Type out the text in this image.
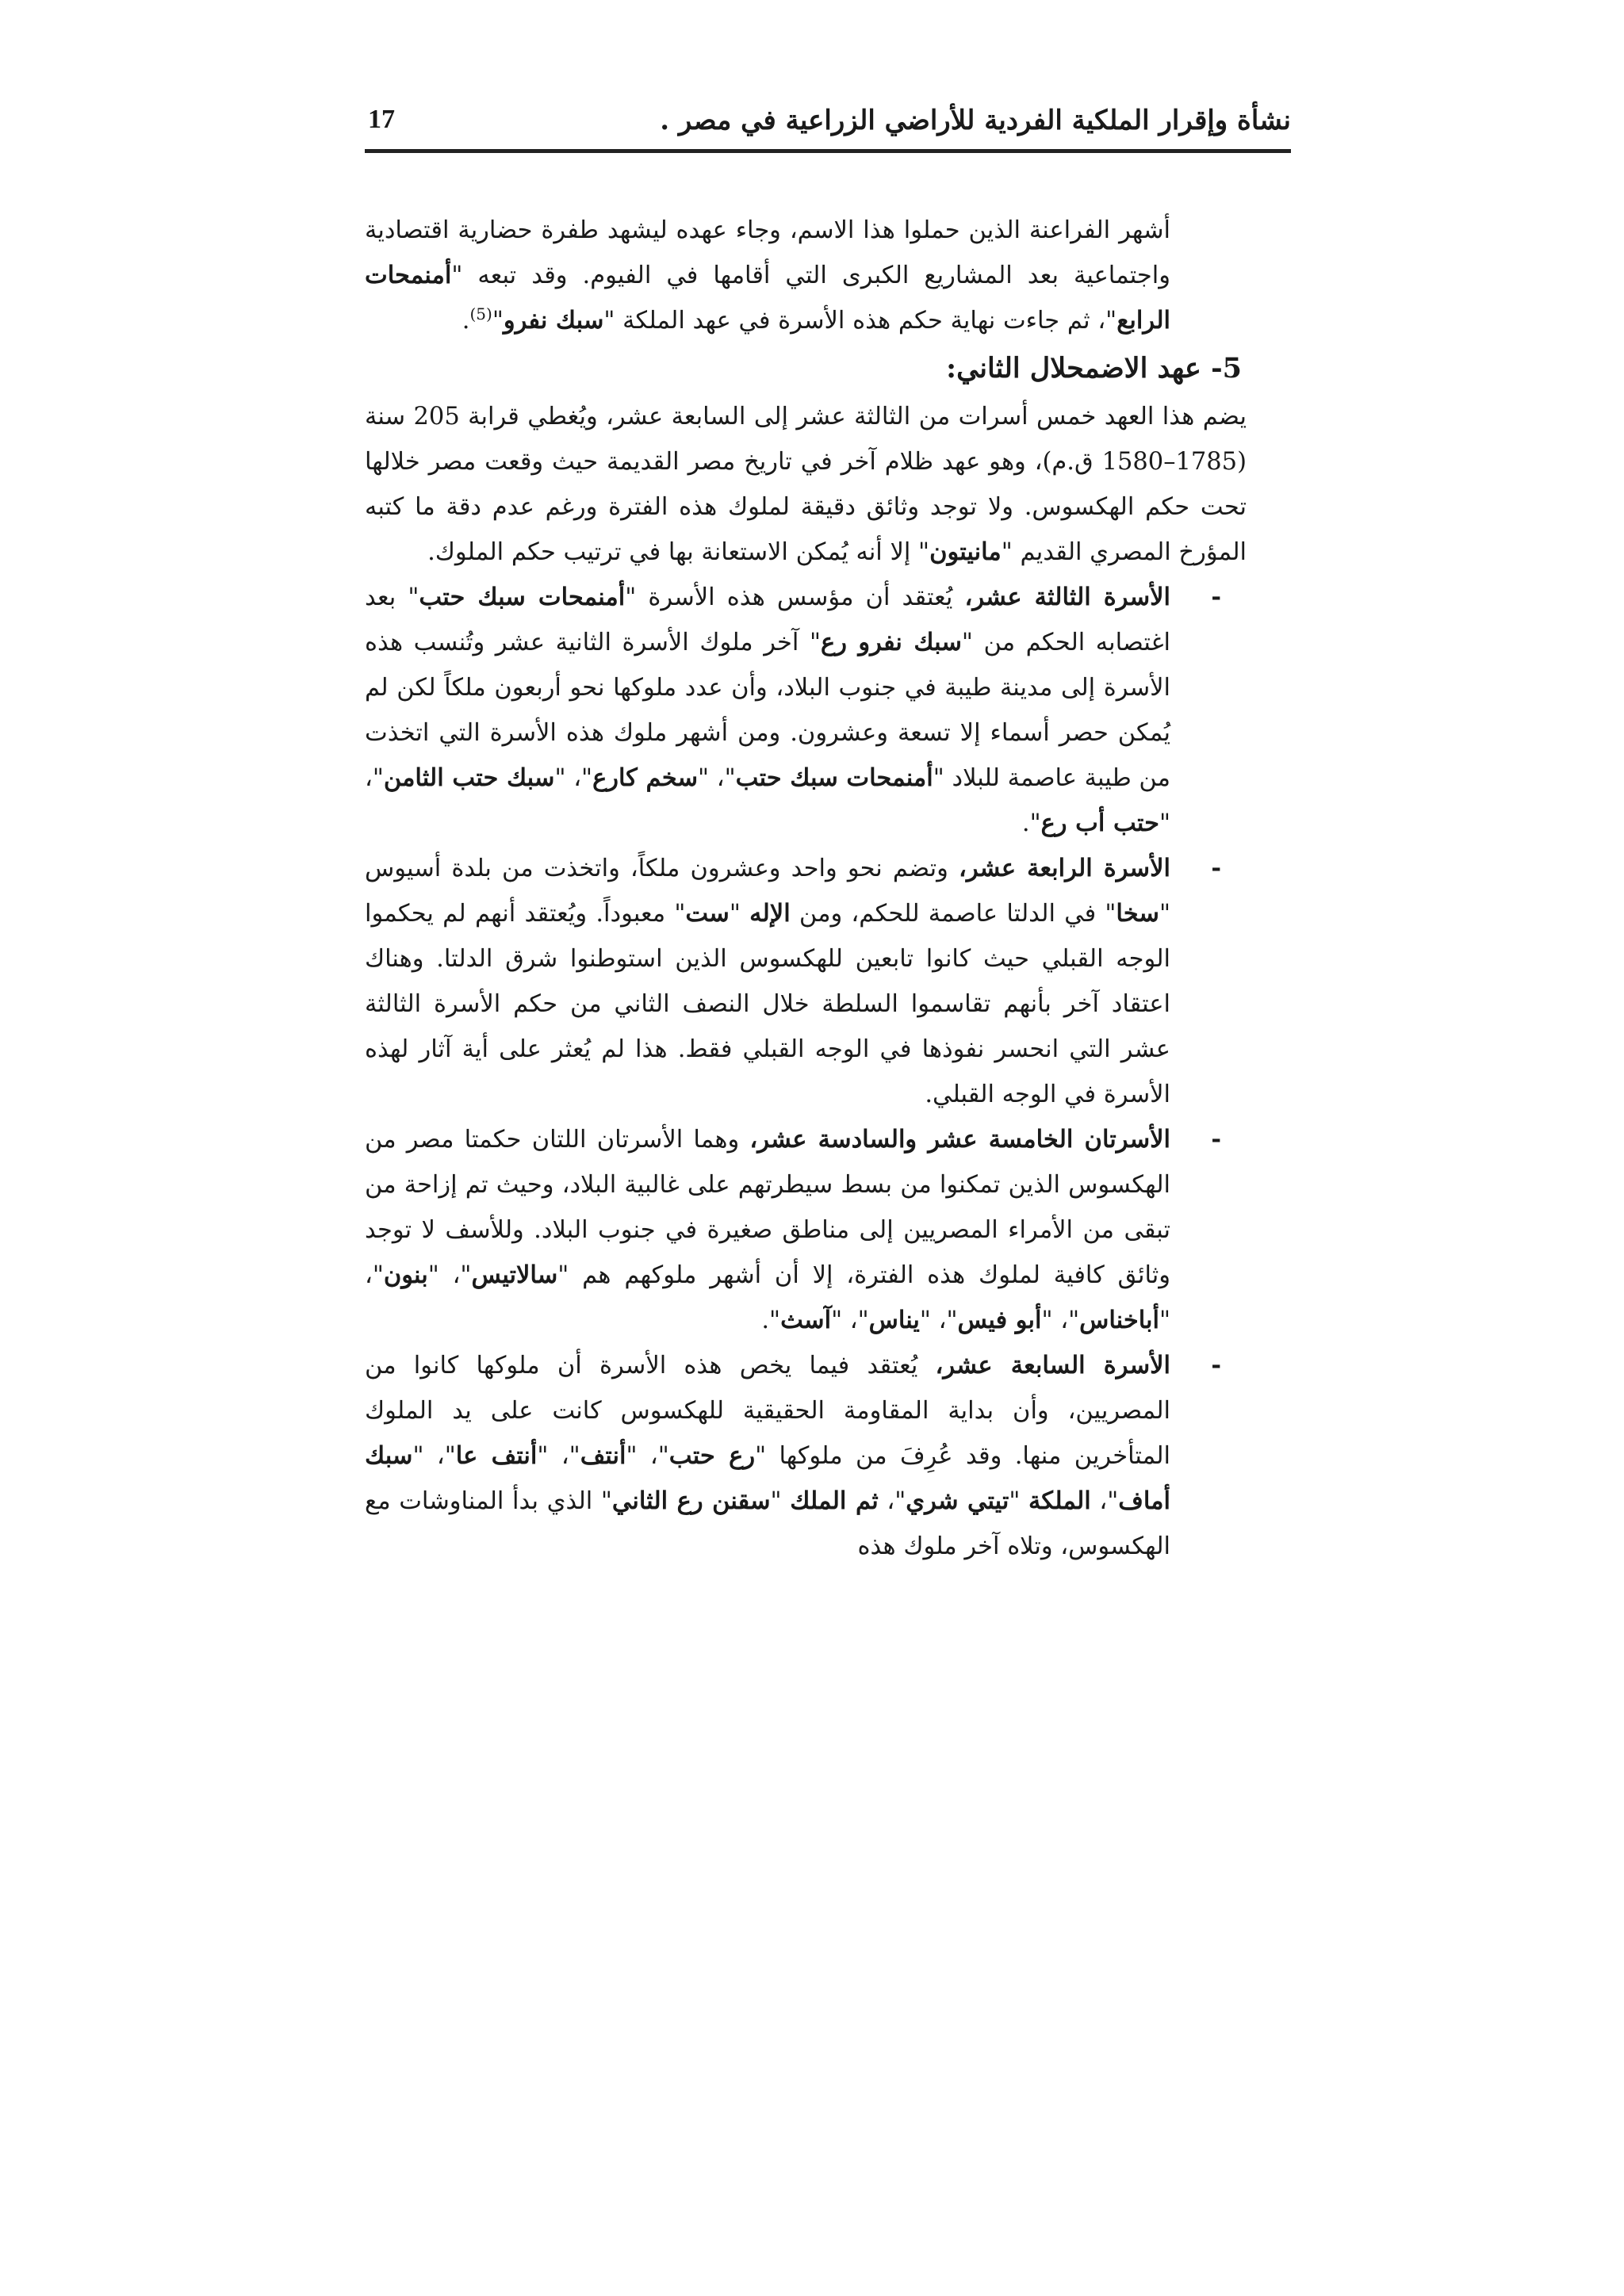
نشأة وإقرار الملكية الفردية للأراضي الزراعية في مصر .
17

أشهر الفراعنة الذين حملوا هذا الاسم، وجاء عهده ليشهد طفرة حضارية اقتصادية واجتماعية بعد المشاريع الكبرى التي أقامها في الفيوم. وقد تبعه "أمنمحات الرابع"، ثم جاءت نهاية حكم هذه الأسرة في عهد الملكة "سبك نفرو"$^{(5)}$.

5- عهد الاضمحلال الثاني:

يضم هذا العهد خمس أسرات من الثالثة عشر إلى السابعة عشر، ويُغطي قرابة 205 سنة (1785–1580 ق.م)، وهو عهد ظلام آخر في تاريخ مصر القديمة حيث وقعت مصر خلالها تحت حكم الهكسوس. ولا توجد وثائق دقيقة لملوك هذه الفترة ورغم عدم دقة ما كتبه المؤرخ المصري القديم "مانيتون" إلا أنه يُمكن الاستعانة بها في ترتيب حكم الملوك.

-
الأسرة الثالثة عشر، يُعتقد أن مؤسس هذه الأسرة "أمنمحات سبك حتب" بعد اغتصابه الحكم من "سبك نفرو رع" آخر ملوك الأسرة الثانية عشر وتُنسب هذه الأسرة إلى مدينة طيبة في جنوب البلاد، وأن عدد ملوكها نحو أربعون ملكاً لكن لم يُمكن حصر أسماء إلا تسعة وعشرون. ومن أشهر ملوك هذه الأسرة التي اتخذت من طيبة عاصمة للبلاد "أمنمحات سبك حتب"، "سخم كارع"، "سبك حتب الثامن"، "حتب أب رع".
-
الأسرة الرابعة عشر، وتضم نحو واحد وعشرون ملكاً، واتخذت من بلدة أسيوس "سخا" في الدلتا عاصمة للحكم، ومن الإله "ست" معبوداً. ويُعتقد أنهم لم يحكموا الوجه القبلي حيث كانوا تابعين للهكسوس الذين استوطنوا شرق الدلتا. وهناك اعتقاد آخر بأنهم تقاسموا السلطة خلال النصف الثاني من حكم الأسرة الثالثة عشر التي انحسر نفوذها في الوجه القبلي فقط. هذا لم يُعثر على أية آثار لهذه الأسرة في الوجه القبلي.
-
الأسرتان الخامسة عشر والسادسة عشر، وهما الأسرتان اللتان حكمتا مصر من الهكسوس الذين تمكنوا من بسط سيطرتهم على غالبية البلاد، وحيث تم إزاحة من تبقى من الأمراء المصريين إلى مناطق صغيرة في جنوب البلاد. وللأسف لا توجد وثائق كافية لملوك هذه الفترة، إلا أن أشهر ملوكهم هم "سالاتيس"، "بنون"، "أباخناس"، "أبو فيس"، "يناس"، "آسث".
-
الأسرة السابعة عشر، يُعتقد فيما يخص هذه الأسرة أن ملوكها كانوا من المصريين، وأن بداية المقاومة الحقيقية للهكسوس كانت على يد الملوك المتأخرين منها. وقد عُرِفَ من ملوكها "رع حتب"، "أنتف"، "أنتف عا"، "سبك أماف"، الملكة "تيتي شري"، ثم الملك "سقنن رع الثاني" الذي بدأ المناوشات مع الهكسوس، وتلاه آخر ملوك هذه
